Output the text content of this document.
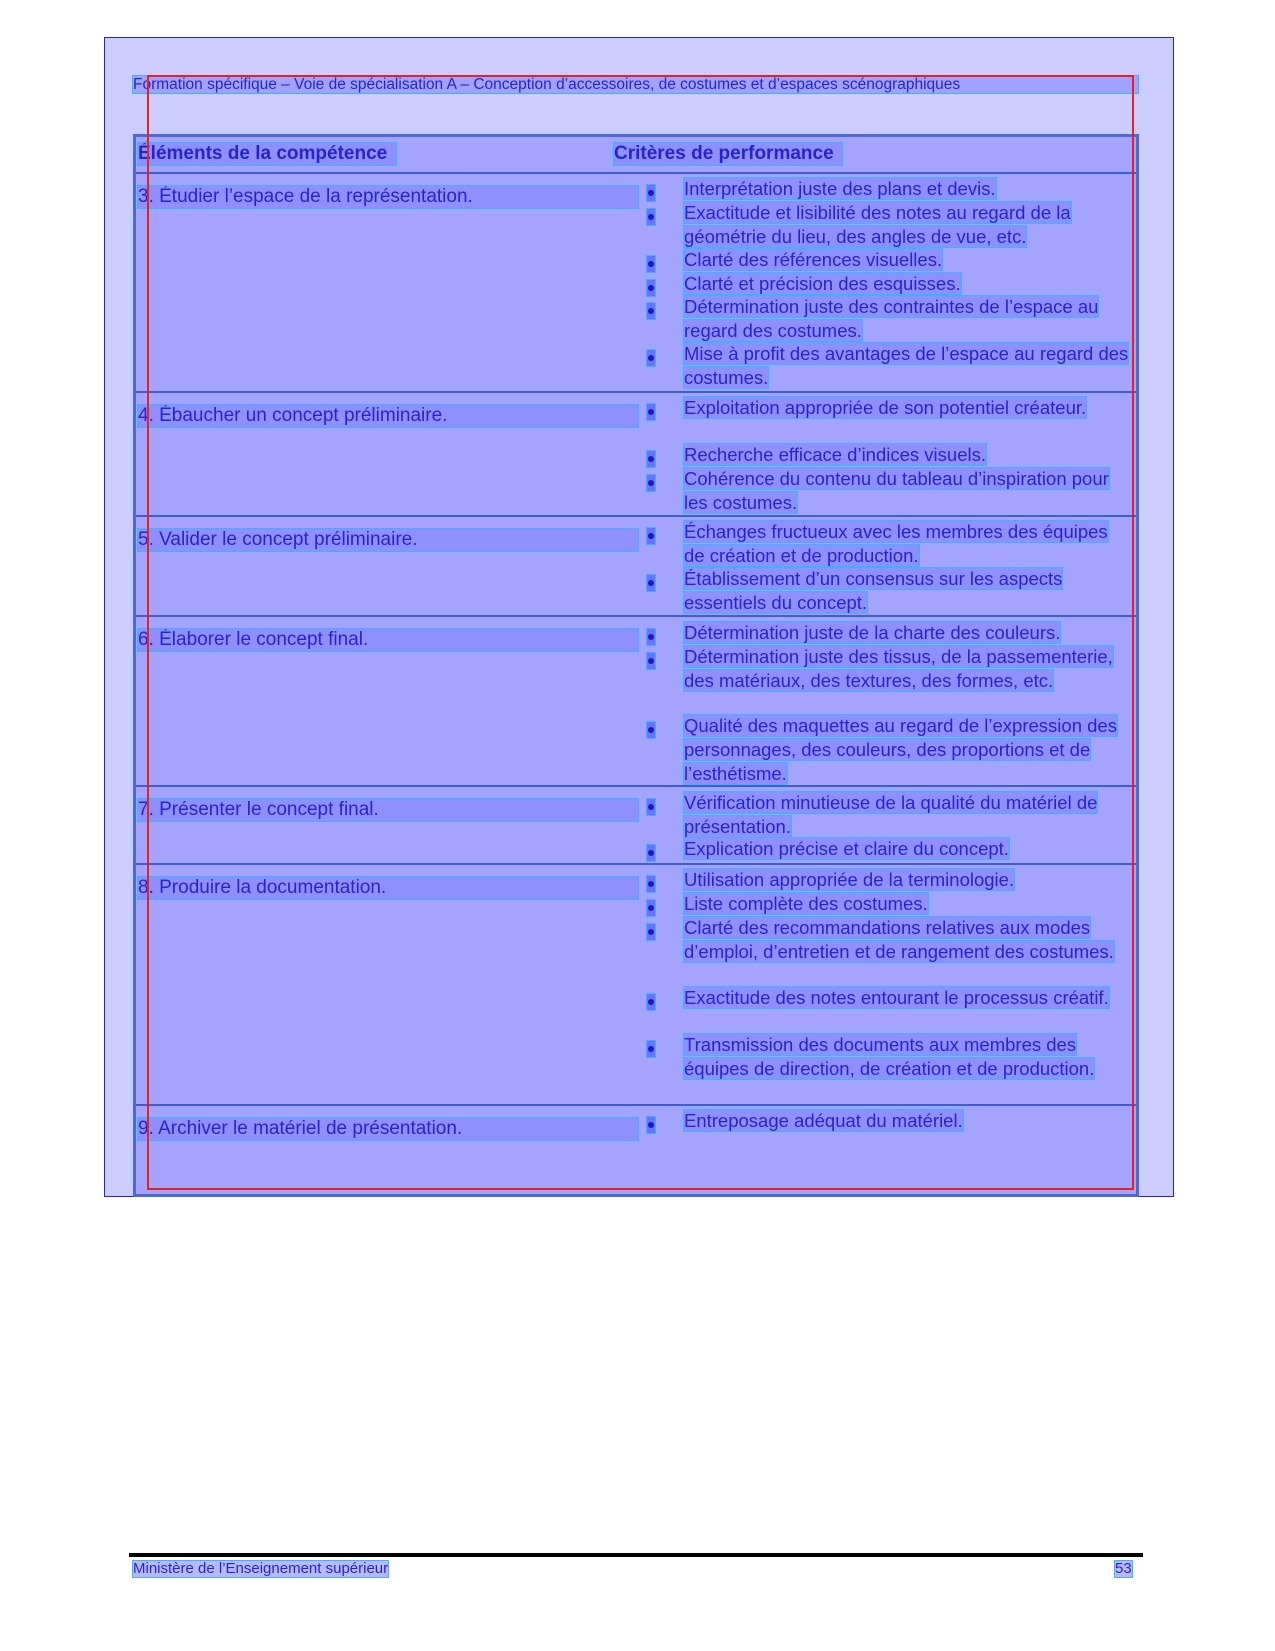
Formation spécifique – Voie de spécialisation A – Conception d’accessoires, de costumes et d’espaces scénographiques
Éléments de la compétence	Critères de performance
3. Étudier l’espace de la représentation.	Interprétation juste des plans et devis.
Exactitude et lisibilité des notes au regard de la géométrie du lieu, des angles de vue, etc.
Clarté des références visuelles.
Clarté et précision des esquisses.
Détermination juste des contraintes de l’espace au regard des costumes.
Mise à profit des avantages de l’espace au regard des costumes.
4. Ébaucher un concept préliminaire.	Exploitation appropriée de son potentiel créateur.
Recherche efficace d’indices visuels.
Cohérence du contenu du tableau d’inspiration pour les costumes.
5. Valider le concept préliminaire.	Échanges fructueux avec les membres des équipes de création et de production.
Établissement d’un consensus sur les aspects essentiels du concept.
6. Élaborer le concept final.	Détermination juste de la charte des couleurs.
Détermination juste des tissus, de la passementerie, des matériaux, des textures, des formes, etc.
Qualité des maquettes au regard de l’expression des personnages, des couleurs, des proportions et de l’esthétisme.
7. Présenter le concept final.	Vérification minutieuse de la qualité du matériel de présentation.
Explication précise et claire du concept.
8. Produire la documentation.	Utilisation appropriée de la terminologie.
Liste complète des costumes.
Clarté des recommandations relatives aux modes d’emploi, d’entretien et de rangement des costumes.
Exactitude des notes entourant le processus créatif.
Transmission des documents aux membres des équipes de direction, de création et de production.
9. Archiver le matériel de présentation.	Entreposage adéquat du matériel.
Ministère de l’Enseignement supérieur	53
